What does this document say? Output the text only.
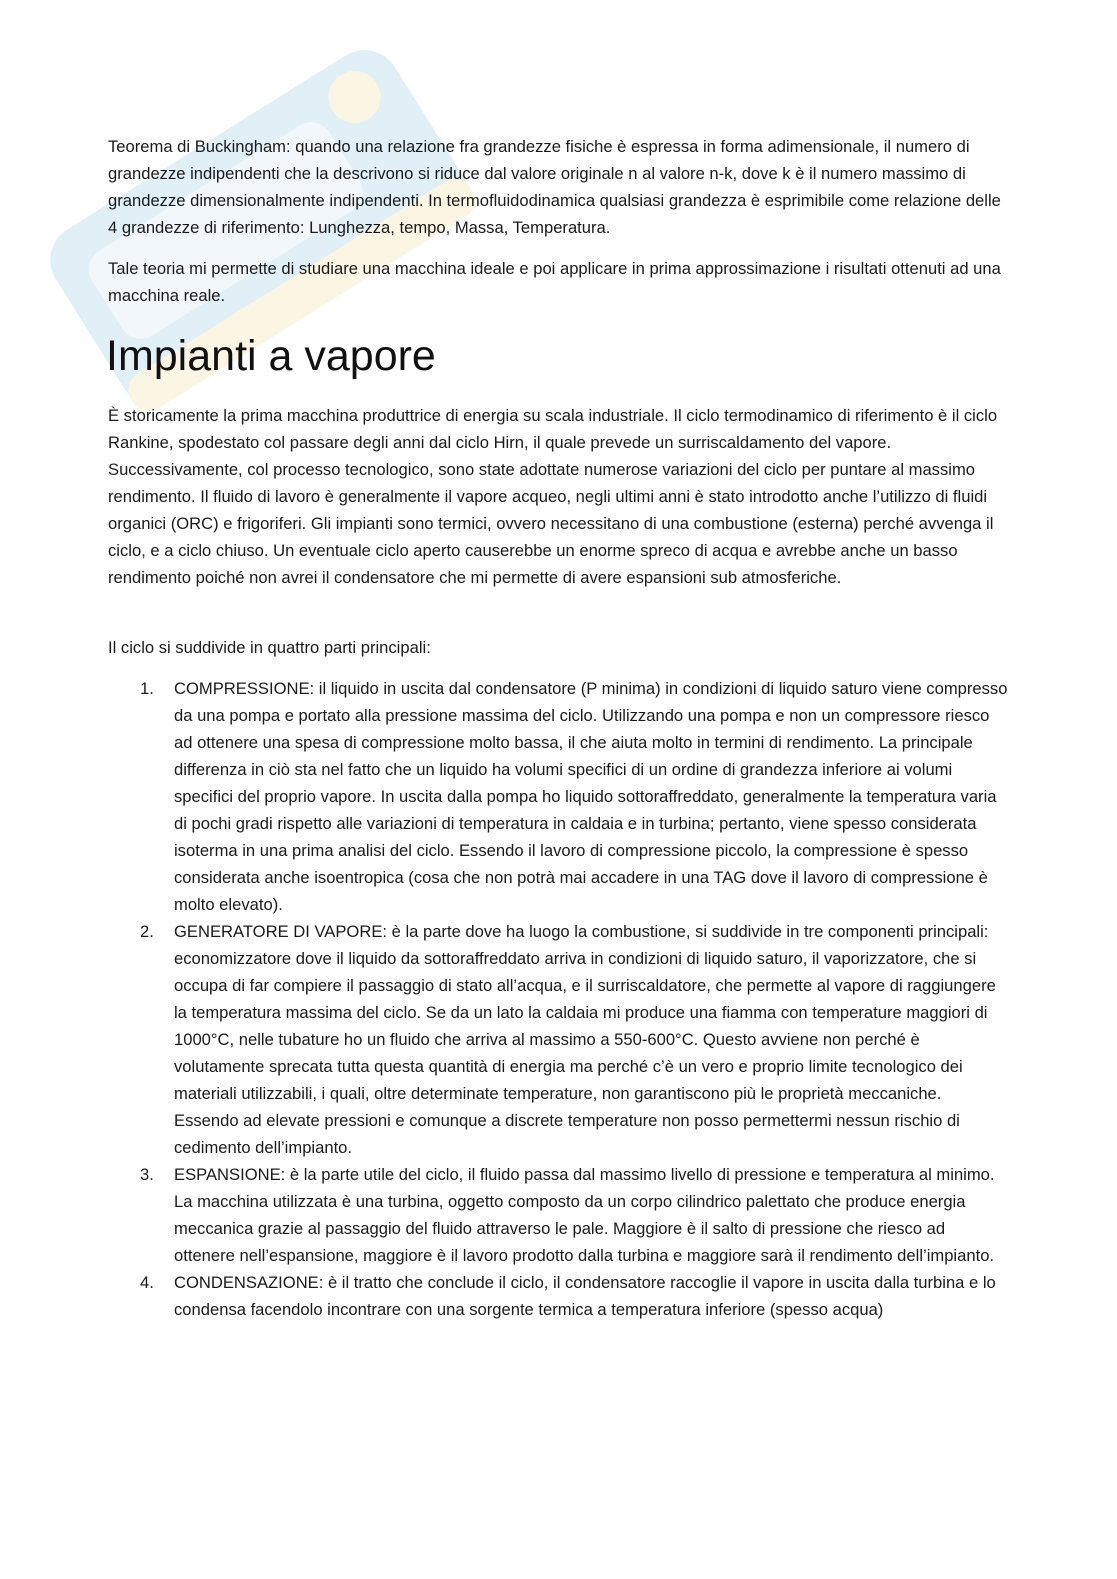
Teorema di Buckingham: quando una relazione fra grandezze fisiche è espressa in forma adimensionale, il numero di grandezze indipendenti che la descrivono si riduce dal valore originale n al valore n-k, dove k è il numero massimo di grandezze dimensionalmente indipendenti. In termofluidodinamica qualsiasi grandezza è esprimibile come relazione delle 4 grandezze di riferimento: Lunghezza, tempo, Massa, Temperatura.

Tale teoria mi permette di studiare una macchina ideale e poi applicare in prima approssimazione i risultati ottenuti ad una macchina reale.

Impianti a vapore

È storicamente la prima macchina produttrice di energia su scala industriale. Il ciclo termodinamico di riferimento è il ciclo Rankine, spodestato col passare degli anni dal ciclo Hirn, il quale prevede un surriscaldamento del vapore. Successivamente, col processo tecnologico, sono state adottate numerose variazioni del ciclo per puntare al massimo rendimento. Il fluido di lavoro è generalmente il vapore acqueo, negli ultimi anni è stato introdotto anche l’utilizzo di fluidi organici (ORC) e frigoriferi. Gli impianti sono termici, ovvero necessitano di una combustione (esterna) perché avvenga il ciclo, e a ciclo chiuso. Un eventuale ciclo aperto causerebbe un enorme spreco di acqua e avrebbe anche un basso rendimento poiché non avrei il condensatore che mi permette di avere espansioni sub atmosferiche.

Il ciclo si suddivide in quattro parti principali:

1. COMPRESSIONE: il liquido in uscita dal condensatore (P minima) in condizioni di liquido saturo viene compresso da una pompa e portato alla pressione massima del ciclo. Utilizzando una pompa e non un compressore riesco ad ottenere una spesa di compressione molto bassa, il che aiuta molto in termini di rendimento. La principale differenza in ciò sta nel fatto che un liquido ha volumi specifici di un ordine di grandezza inferiore ai volumi specifici del proprio vapore. In uscita dalla pompa ho liquido sottoraffreddato, generalmente la temperatura varia di pochi gradi rispetto alle variazioni di temperatura in caldaia e in turbina; pertanto, viene spesso considerata isoterma in una prima analisi del ciclo. Essendo il lavoro di compressione piccolo, la compressione è spesso considerata anche isoentropica (cosa che non potrà mai accadere in una TAG dove il lavoro di compressione è molto elevato).
2. GENERATORE DI VAPORE: è la parte dove ha luogo la combustione, si suddivide in tre componenti principali: economizzatore dove il liquido da sottoraffreddato arriva in condizioni di liquido saturo, il vaporizzatore, che si occupa di far compiere il passaggio di stato all’acqua, e il surriscaldatore, che permette al vapore di raggiungere la temperatura massima del ciclo. Se da un lato la caldaia mi produce una fiamma con temperature maggiori di 1000°C, nelle tubature ho un fluido che arriva al massimo a 550-600°C. Questo avviene non perché è volutamente sprecata tutta questa quantità di energia ma perché c’è un vero e proprio limite tecnologico dei materiali utilizzabili, i quali, oltre determinate temperature, non garantiscono più le proprietà meccaniche. Essendo ad elevate pressioni e comunque a discrete temperature non posso permettermi nessun rischio di cedimento dell’impianto.
3. ESPANSIONE: è la parte utile del ciclo, il fluido passa dal massimo livello di pressione e temperatura al minimo. La macchina utilizzata è una turbina, oggetto composto da un corpo cilindrico palettato che produce energia meccanica grazie al passaggio del fluido attraverso le pale. Maggiore è il salto di pressione che riesco ad ottenere nell’espansione, maggiore è il lavoro prodotto dalla turbina e maggiore sarà il rendimento dell’impianto.
4. CONDENSAZIONE: è il tratto che conclude il ciclo, il condensatore raccoglie il vapore in uscita dalla turbina e lo condensa facendolo incontrare con una sorgente termica a temperatura inferiore (spesso acqua)
